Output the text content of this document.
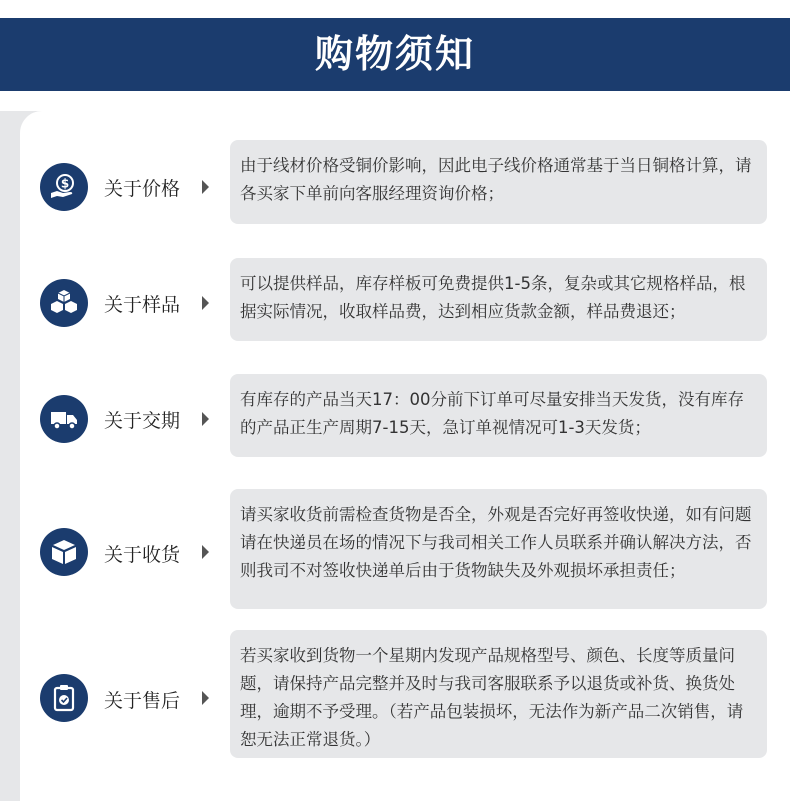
购物须知
$ 关于价格
由于线材价格受铜价影响，因此电子线价格通常基于当日铜格计算，请各买家下单前向客服经理资询价格；
关于样品
可以提供样品，库存样板可免费提供1-5条，复杂或其它规格样品，根据实际情况，收取样品费，达到相应货款金额，样品费退还；
关于交期
有库存的产品当天17：00分前下订单可尽量安排当天发货，没有库存的产品正生产周期7-15天，急订单视情况可1-3天发货；
关于收货
请买家收货前需检查货物是否全，外观是否完好再签收快递，如有问题请在快递员在场的情况下与我司相关工作人员联系并确认解决方法，否则我司不对签收快递单后由于货物缺失及外观损坏承担责任；
关于售后
若买家收到货物一个星期内发现产品规格型号、颜色、长度等质量问题，请保持产品完整并及时与我司客服联系予以退货或补货、换货处理，逾期不予受理。（若产品包装损坏，无法作为新产品二次销售，请恕无法正常退货。）
